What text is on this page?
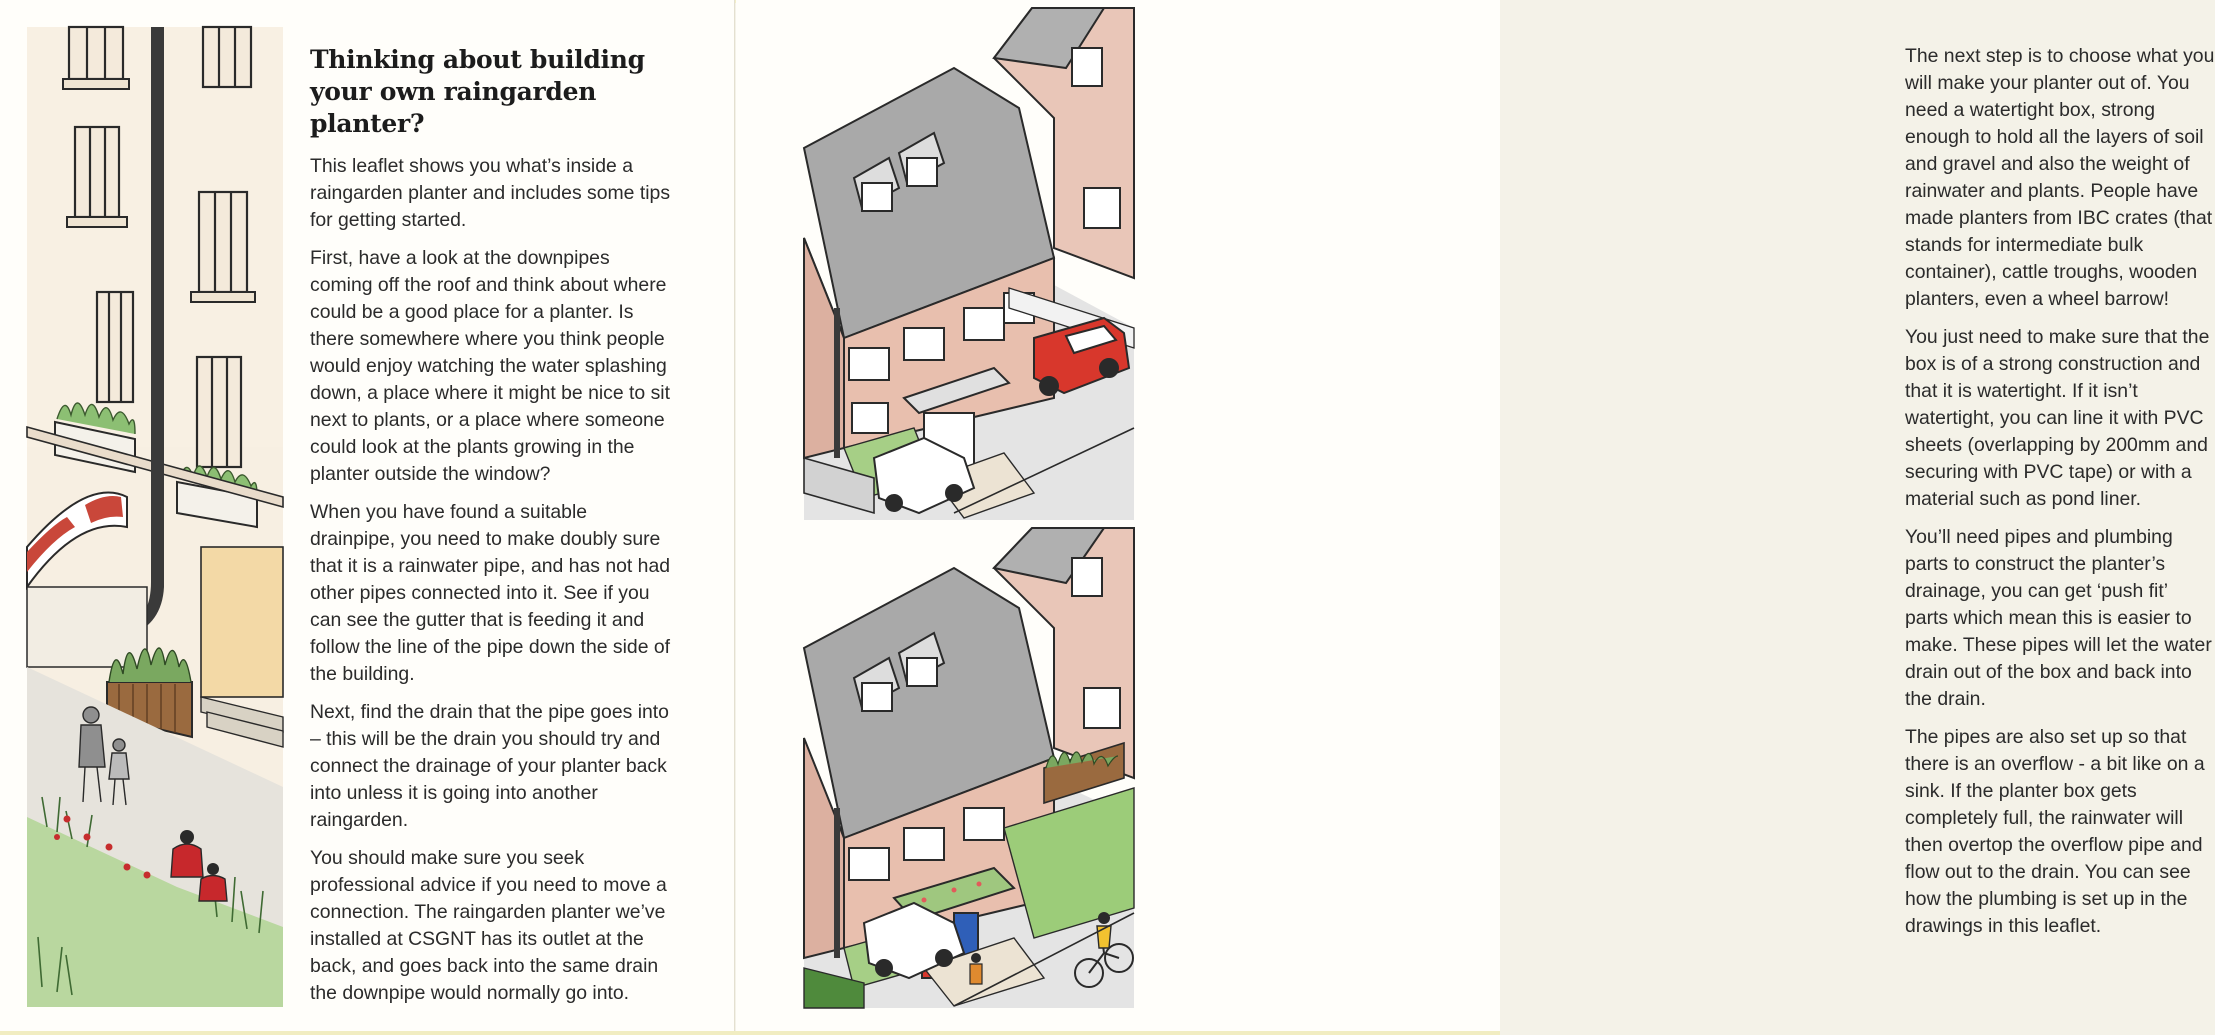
Thinking about building your own raingarden planter?

This leaflet shows you what’s inside a raingarden planter and includes some tips for getting started.

First, have a look at the downpipes coming off the roof and think about where could be a good place for a planter. Is there somewhere where you think people would enjoy watching the water splashing down, a place where it might be nice to sit next to plants, or a place where someone could look at the plants growing in the planter outside the window?

When you have found a suitable drainpipe, you need to make doubly sure that it is a rainwater pipe, and has not had other pipes connected into it. See if you can see the gutter that is feeding it and follow the line of the pipe down the side of the building.

Next, find the drain that the pipe goes into – this will be the drain you should try and connect the drainage of your planter back into unless it is going into another raingarden.

You should make sure you seek professional advice if you need to move a connection. The raingarden planter we’ve installed at CSGNT has its outlet at the back, and goes back into the same drain the downpipe would normally go into.

The next step is to choose what you will make your planter out of. You need a watertight box, strong enough to hold all the layers of soil and gravel and also the weight of rainwater and plants. People have made planters from IBC crates (that stands for intermediate bulk container), cattle troughs, wooden planters, even a wheel barrow!

You just need to make sure that the box is of a strong construction and that it is watertight. If it isn’t watertight, you can line it with PVC sheets (overlapping by 200mm and securing with PVC tape) or with a material such as pond liner.

You’ll need pipes and plumbing parts to construct the planter’s drainage, you can get ‘push fit’ parts which mean this is easier to make. These pipes will let the water drain out of the box and back into the drain.

The pipes are also set up so that there is an overflow - a bit like on a sink. If the planter box gets completely full, the rainwater will then overtop the overflow pipe and flow out to the drain. You can see how the plumbing is set up in the drawings in this leaflet.
